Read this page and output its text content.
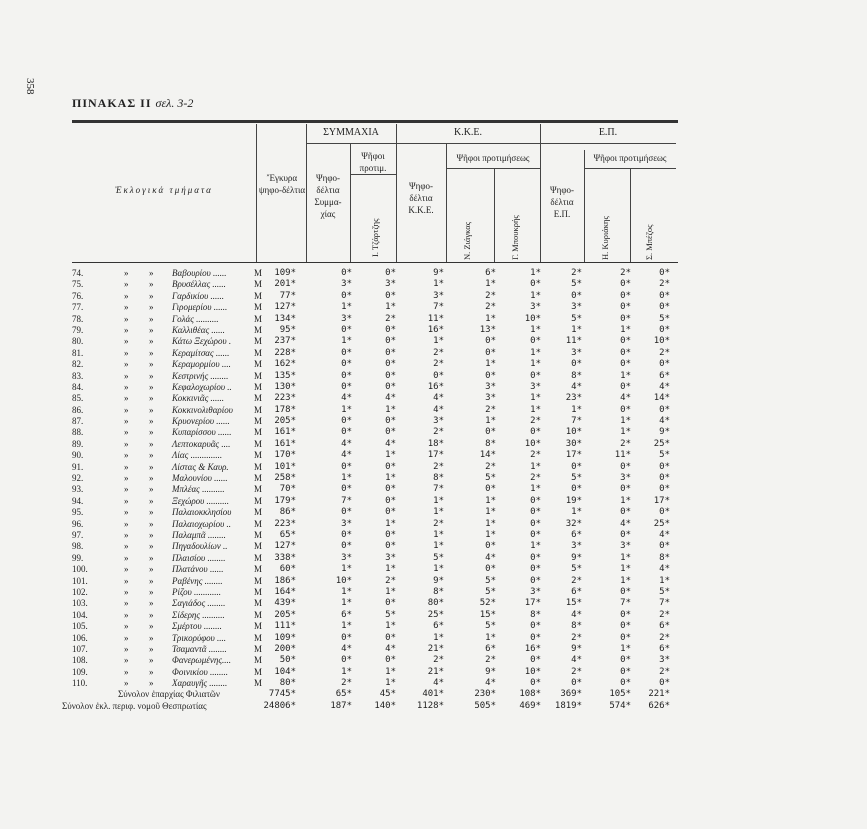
358
ΠΙΝΑΚΑΣ ΙΙ σελ. 3-2
Ἐκλογικά τμήματα
Ἔγκυρα ψηφο-δέλτια
ΣΥΜΜΑΧΙΑ
Ψηφο-δέλτια Συμμα-χίας
Ψῆφοι προτιμ.
Ι. Τζάρτζης
Κ.Κ.Ε.
Ψηφο-δέλτια Κ.Κ.Ε.
Ψῆφοι προτιμήσεως
Ν. Ζιάγκας	Γ. Μπουκρής
Ε.Π.
Ψηφο-δέλτια Ε.Π.
Ψῆφοι προτιμήσεως
Η. Κυριάκης	Σ. Μπέζος
74.	» » Βαβουρίου ......	Μ	109*	0*	0*	9*	6*	1*	2*	2*	0*
75.	» » Βρυσέλλας ......	Μ	201*	3*	3*	1*	1*	0*	5*	0*	2*
76.	» » Γαρδικίου ......	Μ	77*	0*	0*	3*	2*	1*	0*	0*	0*
77.	» » Γιρομερίου ......	Μ	127*	1*	1*	7*	2*	3*	3*	0*	0*
78.	» » Γολάς ..........	Μ	134*	3*	2*	11*	1*	10*	5*	0*	5*
79.	» » Καλλιθέας ......	Μ	95*	0*	0*	16*	13*	1*	1*	1*	0*
80.	» » Κάτω Ξεχώρου .	Μ	237*	1*	0*	1*	0*	0*	11*	0*	10*
81.	» » Κεραμίτσας ......	Μ	228*	0*	0*	2*	0*	1*	3*	0*	2*
82.	» » Κεραμορμίου ....	Μ	162*	0*	0*	2*	1*	1*	0*	0*	0*
83.	» » Κεστρινής ........	Μ	135*	0*	0*	0*	0*	0*	8*	1*	6*
84.	» » Κεφαλοχωρίου .. Μ	130*	0*	0*	16*	3*	3*	4*	0*	4*
85.	» » Κοκκινιᾶς ......	Μ	223*	4*	4*	4*	3*	1*	23*	4*	14*
86.	» » Κοκκινολιθαρίου Μ	178*	1*	1*	4*	2*	1*	1*	0*	0*
87.	» » Κρυονερίου ......	Μ	205*	0*	0*	3*	1*	2*	7*	1*	4*
88.	» » Κυπαρίσσου ......	Μ	161*	0*	0*	2*	0*	0*	10*	1*	9*
89.	» » Λεπτοκαρυᾶς ....	Μ	161*	4*	4*	18*	8*	10*	30*	2*	25*
90.	» » Λίας ..............	Μ	170*	4*	1*	17*	14*	2*	17*	11*	5*
91.	» » Λίστας & Καυρ.	Μ	101*	0*	0*	2*	2*	1*	0*	0*	0*
92.	» » Μαλουνίου ......	Μ	258*	1*	1*	8*	5*	2*	5*	3*	0*
93.	» » Μπλέας ..........	Μ	70*	0*	0*	7*	0*	1*	0*	0*	0*
94.	» » Ξεχώρου ..........	Μ	179*	7*	0*	1*	1*	0*	19*	1*	17*
95.	» » Παλαιοκκλησίου	Μ	86*	0*	0*	1*	1*	0*	1*	0*	0*
96.	» » Παλαιοχωρίου ..	Μ	223*	3*	1*	2*	1*	0*	32*	4*	25*
97.	» » Παλαμπᾶ ........	Μ	65*	0*	0*	1*	1*	0*	6*	0*	4*
98.	» » Πηγαδουλίων ..	Μ	127*	0*	0*	1*	0*	1*	3*	3*	0*
99.	» » Πλαισίου ........	Μ	338*	3*	3*	5*	4*	0*	9*	1*	8*
100.	» » Πλατάνου ......	Μ	60*	1*	1*	1*	0*	0*	5*	1*	4*
101.	» » Ραβένης ........	Μ	186*	10*	2*	9*	5*	0*	2*	1*	1*
102.	» » Ρίζου ............	Μ	164*	1*	1*	8*	5*	3*	6*	0*	5*
103.	» » Σαγιάδος ........	Μ	439*	1*	0*	80*	52*	17*	15*	7*	7*
104.	» » Σίδερης ..........	Μ	205*	6*	5*	25*	15*	8*	4*	0*	2*
105.	» » Σμέρτου ........	Μ	111*	1*	1*	6*	5*	0*	8*	0*	6*
106.	» » Τρικορύφου ....	Μ	109*	0*	0*	1*	1*	0*	2*	0*	2*
107.	» » Τσαμαντᾶ ........	Μ	200*	4*	4*	21*	6*	16*	9*	1*	6*
108.	» » Φανερωμένης....	Μ	50*	0*	0*	2*	2*	0*	4*	0*	3*
109.	» » Φοινικίου ........	Μ	104*	1*	1*	21*	9*	10*	2*	0*	2*
110.	» » Χαραυγῆς ........	Μ	80*	2*	1*	4*	4*	0*	0*	0*	0*
Σύνολον ἐπαρχίας Φιλιατῶν	7745*	65*	45*	401*	230*	108*	369*	105*	221*
Σύνολον ἐκλ. περιφ. νομοῦ Θεσπρωτίας	24806*	187*	140*	1128*	505*	469*	1819*	574*	626*
